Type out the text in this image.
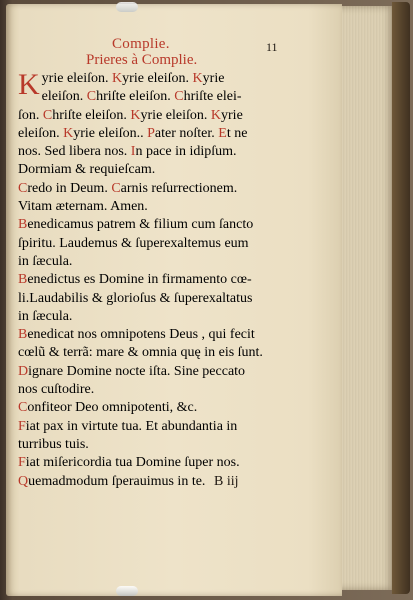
Complie.	11
Prieres à Complie.
Kyrie eleiſon. Kyrie eleiſon. Kyrie
eleiſon. Chriſte eleiſon. Chriſte elei-
ſon. Chriſte eleiſon. Kyrie eleiſon. Kyrie
eleiſon. Kyrie eleiſon.. Pater noſter. Et ne
nos. Sed libera nos. In pace in idipſum.
Dormiam & requieſcam.
Credo in Deum. Carnis reſurrectionem.
Vitam æternam. Amen.
Benedicamus patrem & filium cum ſancto
ſpiritu. Laudemus & ſuperexaltemus eum
in ſæcula.
Benedictus es Domine in firmamento cœ-
li.Laudabilis & glorioſus & ſuperexaltatus
in ſæcula.
Benedicat nos omnipotens Deus , qui fecit
cœlũ & terrã: mare & omnia quę in eis ſunt.
Dignare Domine nocte iſta. Sine peccato
nos cuſtodire.
Confiteor Deo omnipotenti, &c.
Fiat pax in virtute tua. Et abundantia in
turribus tuis.
Fiat miſericordia tua Domine ſuper nos.
Quemadmodum ſperauimus in te. B iij
